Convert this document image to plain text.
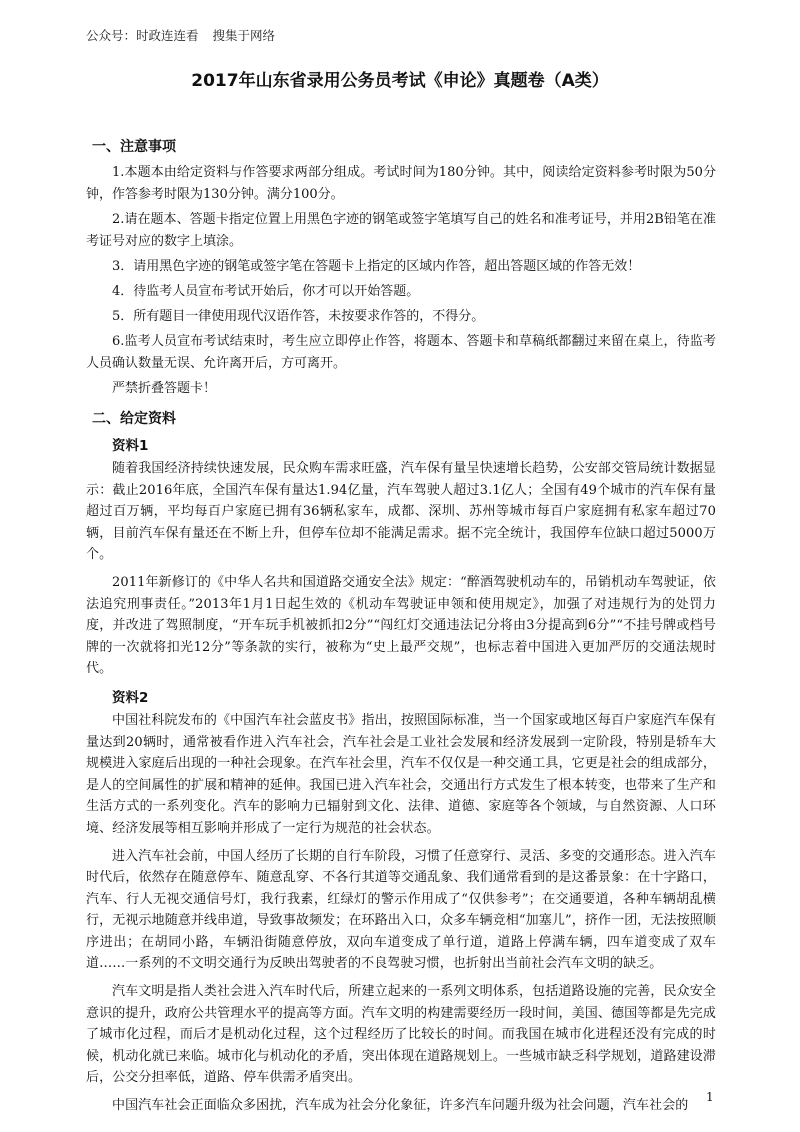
公众号：时政连连看 搜集于网络
2017年山东省录用公务员考试《申论》真题卷（A类）
一、注意事项

1.本题本由给定资料与作答要求两部分组成。考试时间为180分钟。其中，阅读给定资料参考时限为50分钟，作答参考时限为130分钟。满分100分。

2.请在题本、答题卡指定位置上用黑色字迹的钢笔或签字笔填写自己的姓名和准考证号，并用2B铅笔在准考证号对应的数字上填涂。

3．请用黑色字迹的钢笔或签字笔在答题卡上指定的区域内作答，超出答题区域的作答无效！

4．待监考人员宣布考试开始后，你才可以开始答题。

5．所有题目一律使用现代汉语作答，未按要求作答的，不得分。

6.监考人员宣布考试结束时，考生应立即停止作答，将题本、答题卡和草稿纸都翻过来留在桌上，待监考人员确认数量无误、允许离开后，方可离开。

严禁折叠答题卡！

二、给定资料
资料1

随着我国经济持续快速发展，民众购车需求旺盛，汽车保有量呈快速增长趋势，公安部交管局统计数据显示：截止2016年底，全国汽车保有量达1.94亿量，汽车驾驶人超过3.1亿人；全国有49个城市的汽车保有量超过百万辆，平均每百户家庭已拥有36辆私家车，成都、深圳、苏州等城市每百户家庭拥有私家车超过70辆，目前汽车保有量还在不断上升，但停车位却不能满足需求。据不完全统计，我国停车位缺口超过5000万个。

2011年新修订的《中华人名共和国道路交通安全法》规定：“醉酒驾驶机动车的，吊销机动车驾驶证，依法追究刑事责任。”2013年1月1日起生效的《机动车驾驶证申领和使用规定》，加强了对违规行为的处罚力度，并改进了驾照制度，“开车玩手机被抓扣2分”“闯红灯交通违法记分将由3分提高到6分”“不挂号牌或档号牌的一次就将扣光12分”等条款的实行，被称为“史上最严交规”，也标志着中国进入更加严厉的交通法规时代。

资料2

中国社科院发布的《中国汽车社会蓝皮书》指出，按照国际标准，当一个国家或地区每百户家庭汽车保有量达到20辆时，通常被看作进入汽车社会，汽车社会是工业社会发展和经济发展到一定阶段，特别是轿车大规模进入家庭后出现的一种社会现象。在汽车社会里，汽车不仅仅是一种交通工具，它更是社会的组成部分，是人的空间属性的扩展和精神的延伸。我国已进入汽车社会，交通出行方式发生了根本转变，也带来了生产和生活方式的一系列变化。汽车的影响力已辐射到文化、法律、道德、家庭等各个领域，与自然资源、人口环境、经济发展等相互影响并形成了一定行为规范的社会状态。

进入汽车社会前，中国人经历了长期的自行车阶段，习惯了任意穿行、灵活、多变的交通形态。进入汽车时代后，依然存在随意停车、随意乱穿、不各行其道等交通乱象、我们通常看到的是这番景象：在十字路口，汽车、行人无视交通信号灯，我行我素，红绿灯的警示作用成了“仅供参考”；在交通要道，各种车辆胡乱横行，无视示地随意并线串道，导致事故频发；在环路出入口，众多车辆竞相“加塞儿”，挤作一团，无法按照顺序进出；在胡同小路，车辆沿街随意停放，双向车道变成了单行道，道路上停满车辆，四车道变成了双车道……一系列的不文明交通行为反映出驾驶者的不良驾驶习惯，也折射出当前社会汽车文明的缺乏。

汽车文明是指人类社会进入汽车时代后，所建立起来的一系列文明体系，包括道路设施的完善，民众安全意识的提升，政府公共管理水平的提高等方面。汽车文明的构建需要经历一段时间，美国、德国等都是先完成了城市化过程，而后才是机动化过程，这个过程经历了比较长的时间。而我国在城市化进程还没有完成的时候，机动化就已来临。城市化与机动化的矛盾，突出体现在道路规划上。一些城市缺乏科学规划，道路建设滞后，公交分担率低，道路、停车供需矛盾突出。

中国汽车社会正面临众多困扰，汽车成为社会分化象征，许多汽车问题升级为社会问题，汽车社会的

1
